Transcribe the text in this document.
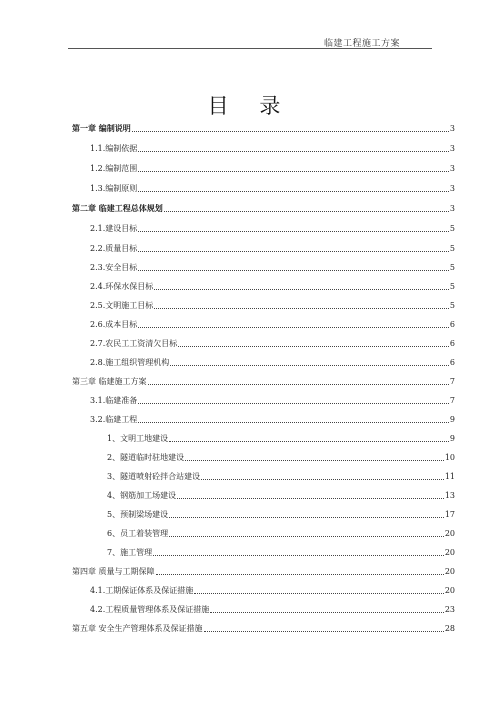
临建工程施工方案
目 录
第一章 编制说明	3
1.1.编制依据	3
1.2.编制范围	3
1.3.编制原则	3
第二章 临建工程总体规划	3
2.1.建设目标	5
2.2.质量目标	5
2.3.安全目标	5
2.4.环保水保目标	5
2.5.文明施工目标	5
2.6.成本目标	6
2.7.农民工工资清欠目标	6
2.8.施工组织管理机构	6
第三章 临建施工方案	7
3.1.临建准备	7
3.2.临建工程	9
1、文明工地建设	9
2、隧道临时驻地建设	10
3、隧道喷射砼拌合站建设	11
4、钢筋加工场建设	13
5、预制梁场建设	17
6、员工着装管理	20
7、施工管理	20
第四章 质量与工期保障	20
4.1.工期保证体系及保证措施	20
4.2.工程质量管理体系及保证措施	23
第五章 安全生产管理体系及保证措施	28
